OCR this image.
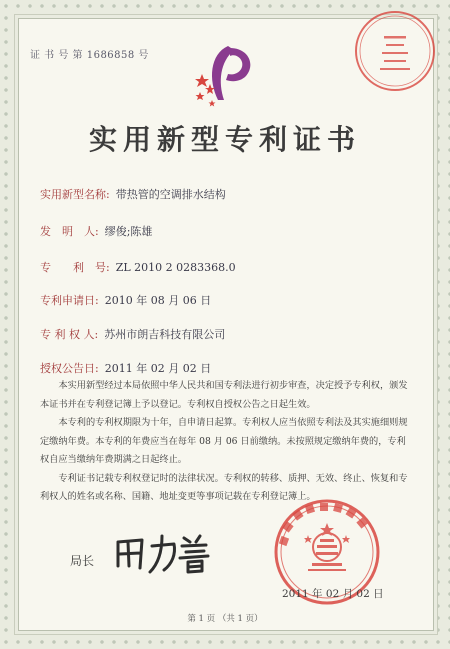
证 书 号 第 1686858 号
实用新型专利证书
实用新型名称: 带热管的空调排水结构
发　明　人: 缪俊;陈雄
专　　利　号: ZL 2010 2 0283368.0
专利申请日: 2010 年 08 月 06 日
专 利 权 人: 苏州市朗吉科技有限公司
授权公告日: 2011 年 02 月 02 日

本实用新型经过本局依照中华人民共和国专利法进行初步审查，决定授予专利权，颁发本证书并在专利登记簿上予以登记。专利权自授权公告之日起生效。

本专利的专利权期限为十年，自申请日起算。专利权人应当依照专利法及其实施细则规定缴纳年费。本专利的年费应当在每年 08 月 06 日前缴纳。未按照规定缴纳年费的，专利权自应当缴纳年费期满之日起终止。

专利证书记载专利权登记时的法律状况。专利权的转移、质押、无效、终止、恢复和专利权人的姓名或名称、国籍、地址变更等事项记载在专利登记簿上。

局长
2011 年 02 月 02 日
第 1 页 （共 1 页）
